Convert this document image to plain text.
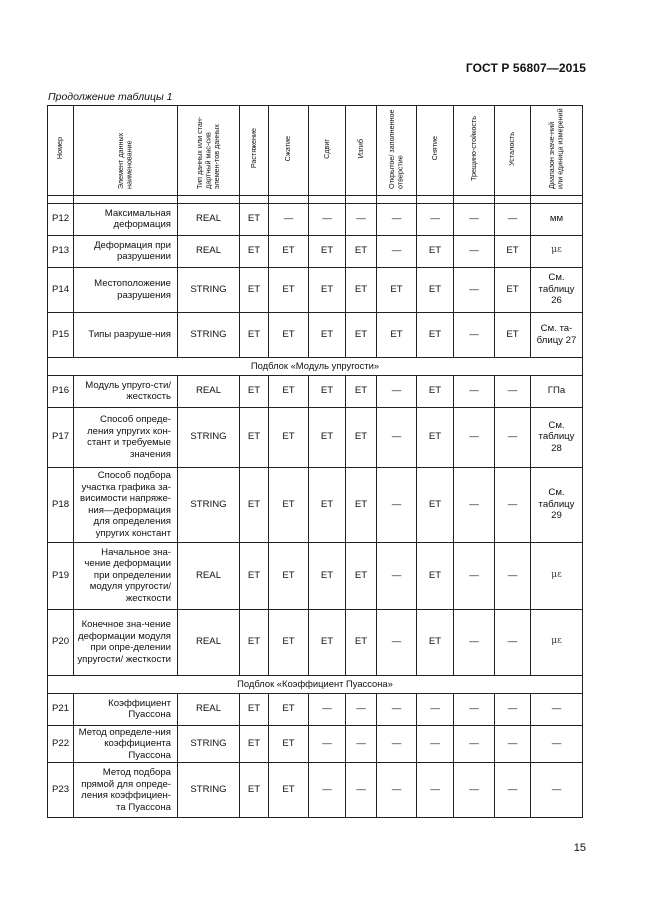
ГОСТ Р 56807—2015
Продолжение таблицы 1
Номер	Элемент данных наименование	Тип данных или стан-дартный мас-сив элемен-тов данных	Растяжение	Сжатие	Сдвиг	Изгиб	Открытое/ заполненное отверстие	Снятие	Трещино-стойкость	Усталость	Диапазон значе-ний или единица измерений

P12	Максимальная деформация	REAL	ЕТ	—	—	—	—	—	—	—	мм
P13	Деформация при разрушении	REAL	ЕТ	ЕТ	ЕТ	ЕТ	—	ЕТ	—	ЕТ	με
P14	Местоположение разрушения	STRING	ЕТ	ЕТ	ЕТ	ЕТ	ЕТ	ЕТ	—	ЕТ	См. таблицу 26
P15	Типы разруше-ния	STRING	ЕТ	ЕТ	ЕТ	ЕТ	ЕТ	ЕТ	—	ЕТ	См. та-блицу 27
Подблок «Модуль упругости»											
P16	Модуль упруго-сти/жесткость	REAL	ЕТ	ЕТ	ЕТ	ЕТ	—	ЕТ	—	—	ГПа
P17	Способ опреде-ления упругих кон-стант и требуемые значения	STRING	ЕТ	ЕТ	ЕТ	ЕТ	—	ЕТ	—	—	См. таблицу 28
P18	Способ подбора участка графика за-висимости напряже-ния—деформация для определения упругих констант	STRING	ЕТ	ЕТ	ЕТ	ЕТ	—	ЕТ	—	—	См. таблицу 29
P19	Начальное зна-чение деформации при определении модуля упругости/ жесткости	REAL	ЕТ	ЕТ	ЕТ	ЕТ	—	ЕТ	—	—	με
P20	Конечное зна-чение деформации модуля при опре-делении упругости/ жесткости	REAL	ЕТ	ЕТ	ЕТ	ЕТ	—	ЕТ	—	—	με
Подблок «Коэффициент Пуассона»											
P21	Коэффициент Пуассона	REAL	ЕТ	ЕТ	—	—	—	—	—	—	—
P22	Метод определе-ния коэффициента Пуассона	STRING	ЕТ	ЕТ	—	—	—	—	—	—	—
P23	Метод подбора прямой для опреде-ления коэффициен-та Пуассона	STRING	ЕТ	ЕТ	—	—	—	—	—	—	—
15
